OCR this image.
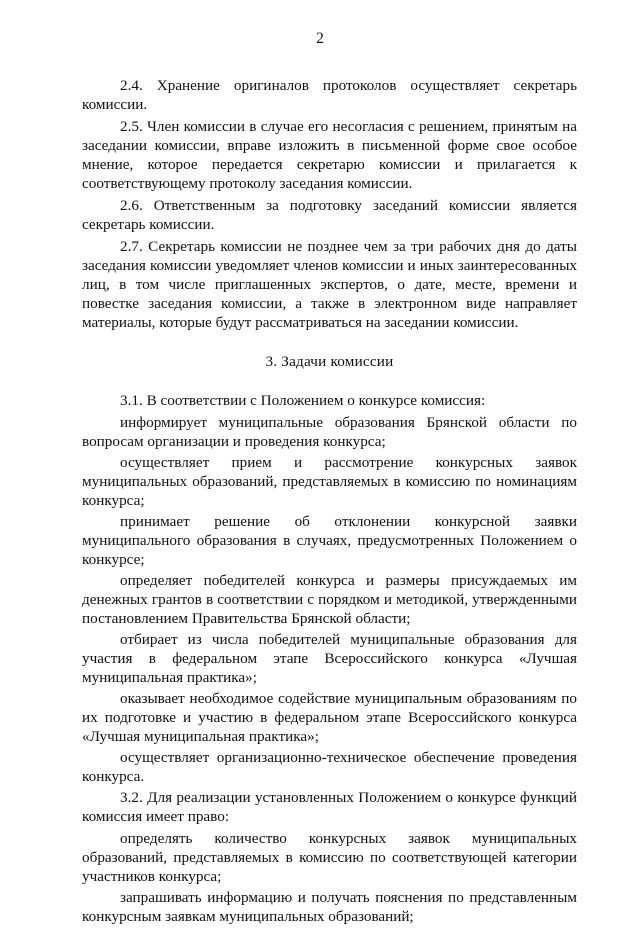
2

2.4. Хранение оригиналов протоколов осуществляет секретарь комиссии.

2.5. Член комиссии в случае его несогласия с решением, принятым на заседании комиссии, вправе изложить в письменной форме свое особое мнение, которое передается секретарю комиссии и прилагается к соответствующему протоколу заседания комиссии.

2.6. Ответственным за подготовку заседаний комиссии является секретарь комиссии.

2.7. Секретарь комиссии не позднее чем за три рабочих дня до даты заседания комиссии уведомляет членов комиссии и иных заинтересованных лиц, в том числе приглашенных экспертов, о дате, месте, времени и повестке заседания комиссии, а также в электронном виде направляет материалы, которые будут рассматриваться на заседании комиссии.

3. Задачи комиссии

3.1. В соответствии с Положением о конкурсе комиссия:

информирует муниципальные образования Брянской области по вопросам организации и проведения конкурса;

осуществляет прием и рассмотрение конкурсных заявок муниципальных образований, представляемых в комиссию по номинациям конкурса;

принимает решение об отклонении конкурсной заявки муниципального образования в случаях, предусмотренных Положением о конкурсе;

определяет победителей конкурса и размеры присуждаемых им денежных грантов в соответствии с порядком и методикой, утвержденными постановлением Правительства Брянской области;

отбирает из числа победителей муниципальные образования для участия в федеральном этапе Всероссийского конкурса «Лучшая муниципальная практика»;

оказывает необходимое содействие муниципальным образованиям по их подготовке и участию в федеральном этапе Всероссийского конкурса «Лучшая муниципальная практика»;

осуществляет организационно-техническое обеспечение проведения конкурса.

3.2. Для реализации установленных Положением о конкурсе функций комиссия имеет право:

определять количество конкурсных заявок муниципальных образований, представляемых в комиссию по соответствующей категории участников конкурса;

запрашивать информацию и получать пояснения по представленным конкурсным заявкам муниципальных образований;
